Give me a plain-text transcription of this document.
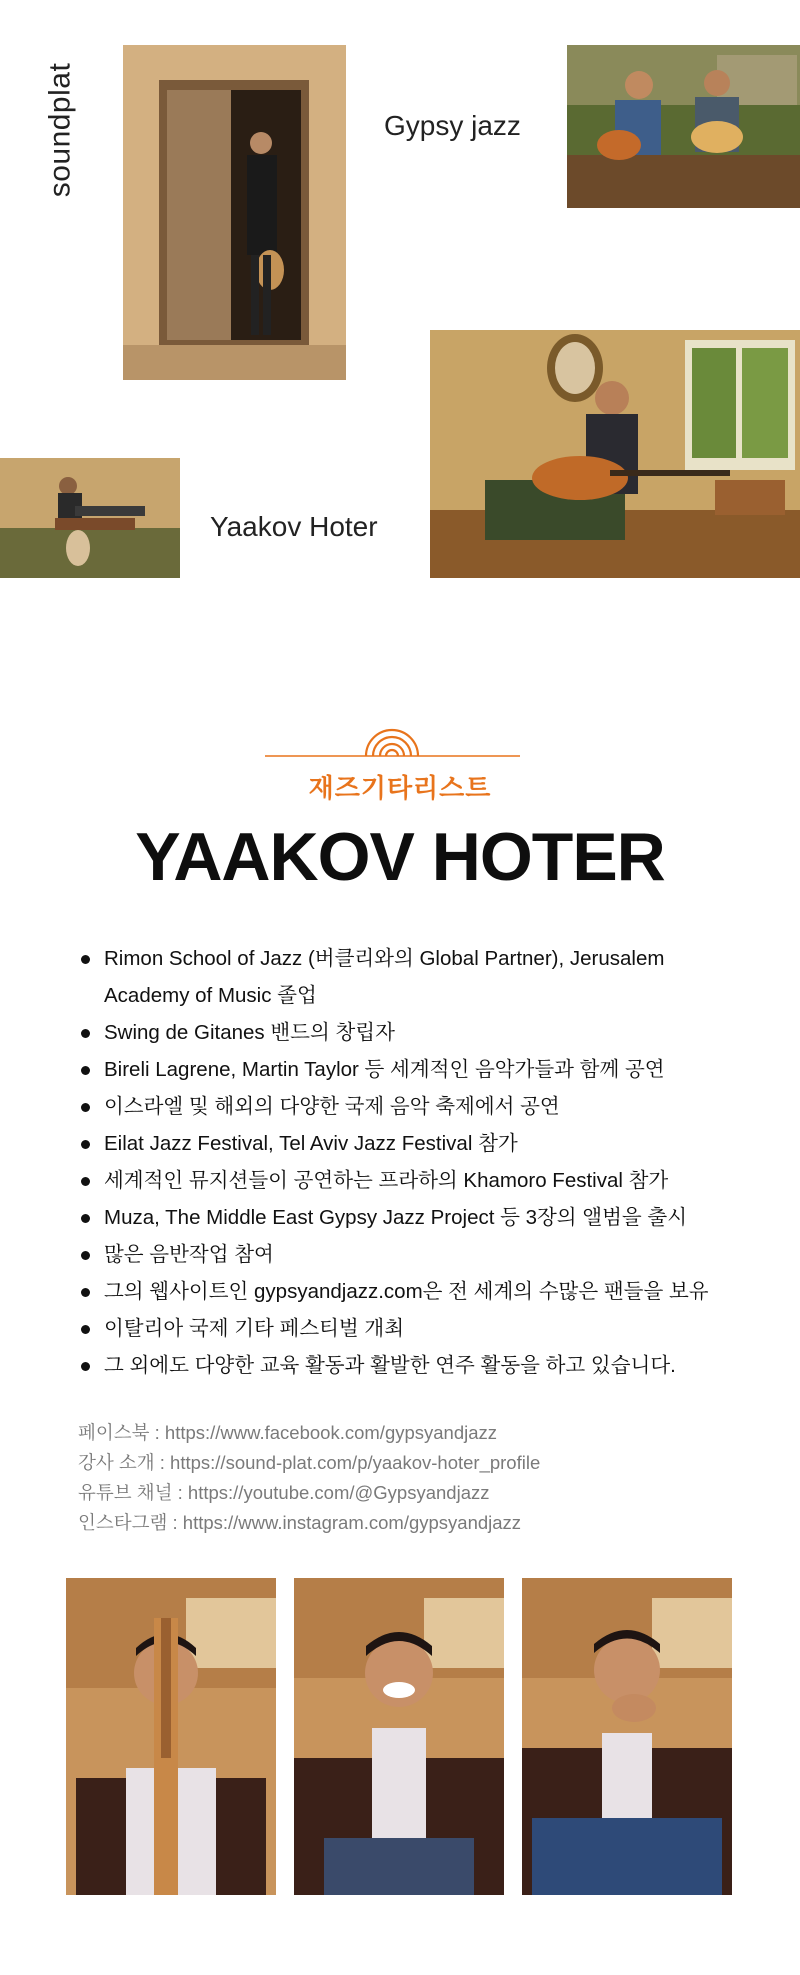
soundplat	Gypsy jazz
Yaakov Hoter
재즈기타리스트
YAAKOV HOTER
Rimon School of Jazz (버클리와의 Global Partner), Jerusalem Academy of Music 졸업
Swing de Gitanes 밴드의 창립자
Bireli Lagrene, Martin Taylor 등 세계적인 음악가들과 함께 공연
이스라엘 및 해외의 다양한 국제 음악 축제에서 공연
Eilat Jazz Festival, Tel Aviv Jazz Festival 참가
세계적인 뮤지션들이 공연하는 프라하의 Khamoro Festival 참가
Muza, The Middle East Gypsy Jazz Project 등 3장의 앨범을 출시
많은 음반작업 참여
그의 웹사이트인 gypsyandjazz.com은 전 세계의 수많은 팬들을 보유
이탈리아 국제 기타 페스티벌 개최
그 외에도 다양한 교육 활동과 활발한 연주 활동을 하고 있습니다.
페이스북 : https://www.facebook.com/gypsyandjazz
강사 소개 : https://sound-plat.com/p/yaakov-hoter_profile
유튜브 채널 : https://youtube.com/@Gypsyandjazz
인스타그램 : https://www.instagram.com/gypsyandjazz
